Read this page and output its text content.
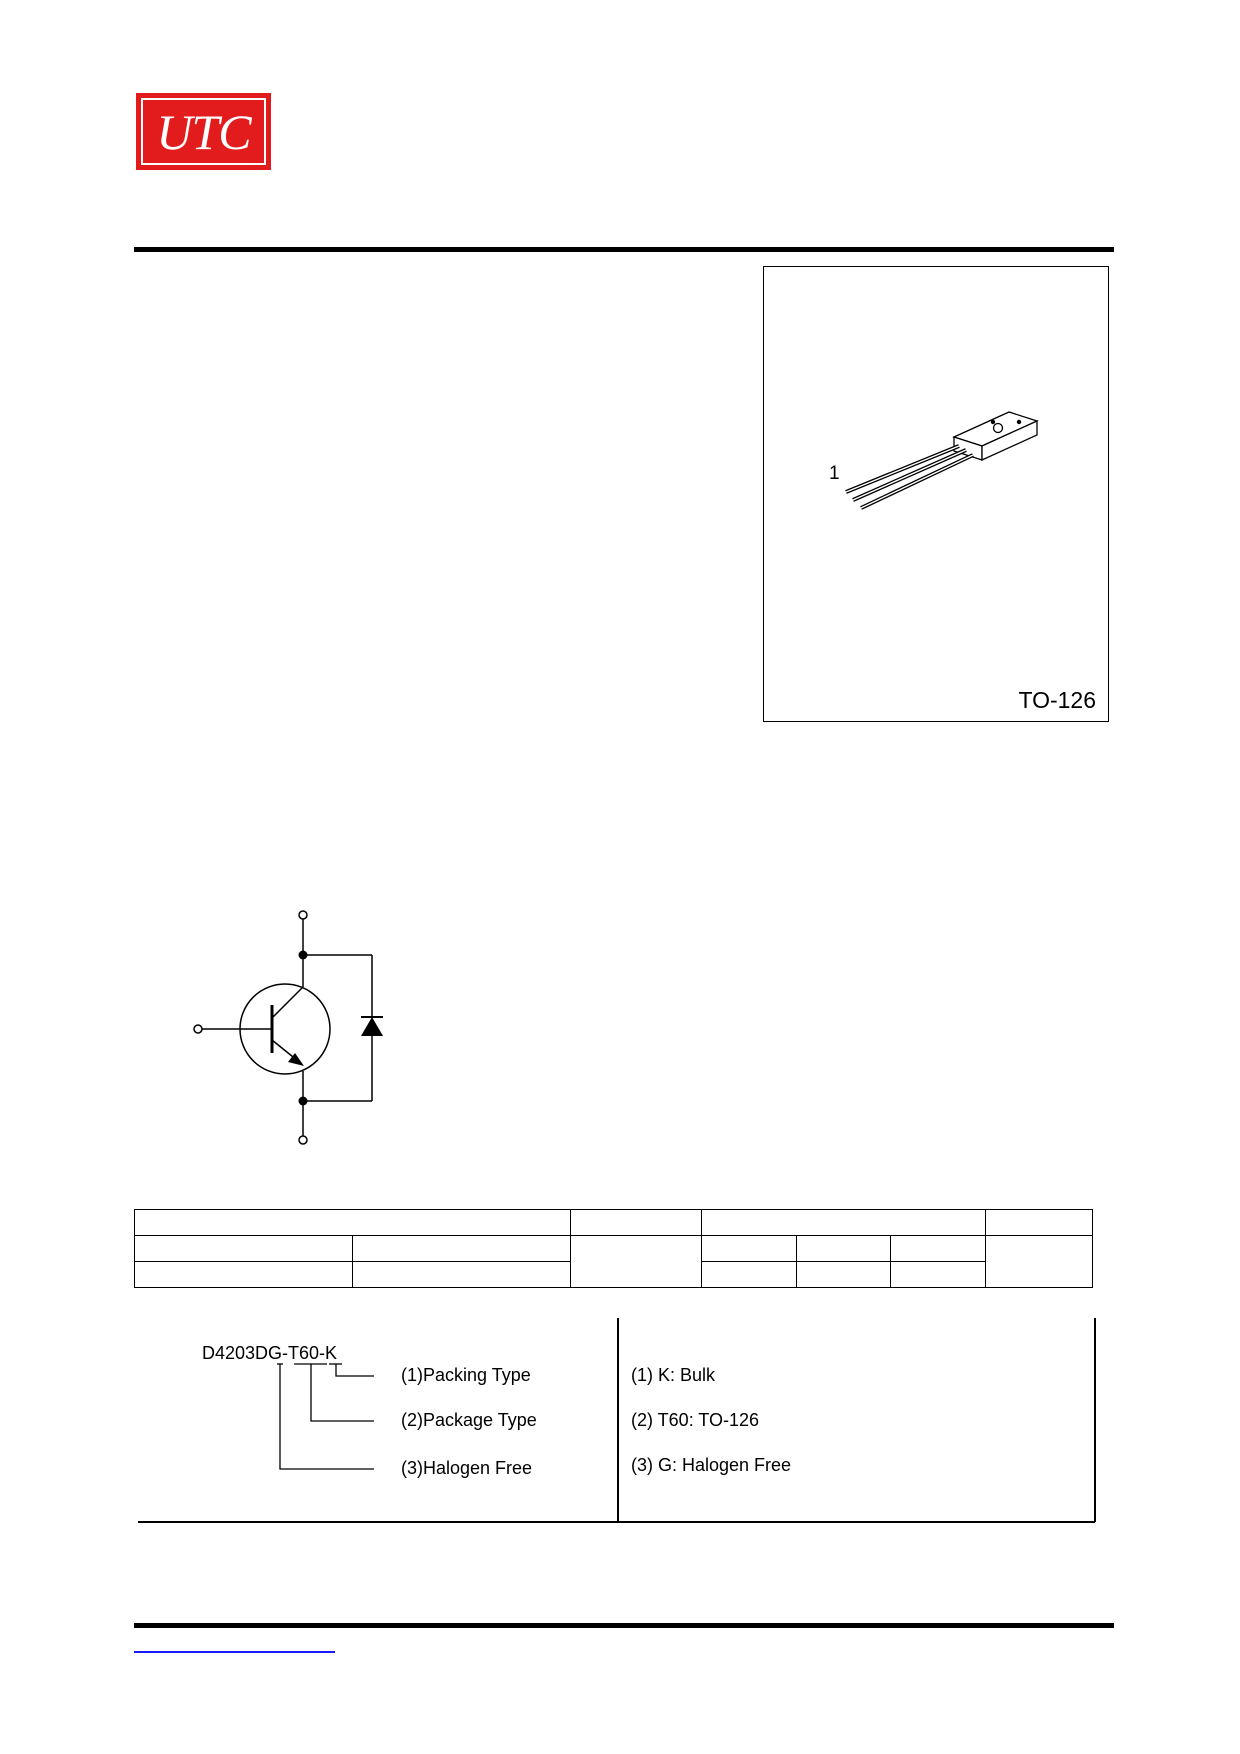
UTC
1
TO-126

D4203DG-T60-K
(1)Packing Type
(2)Package Type
(3)Halogen Free
(1) K: Bulk
(2) T60: TO-126
(3) G: Halogen Free
